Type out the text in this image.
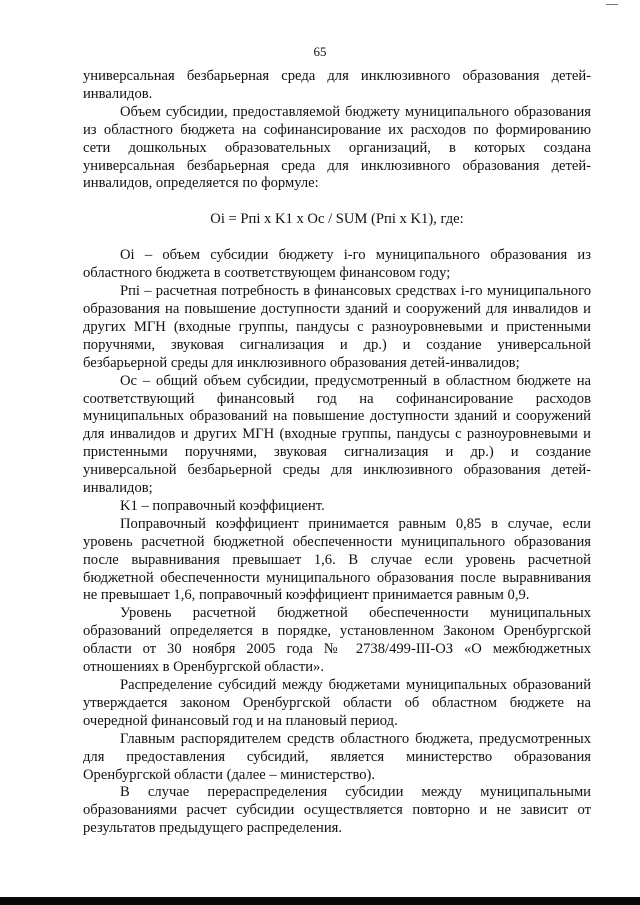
65

универсальная безбарьерная среда для инклюзивного образования детей-инвалидов.

Объем субсидии, предоставляемой бюджету муниципального образования из областного бюджета на софинансирование их расходов по формированию сети дошкольных образовательных организаций, в которых создана универсальная безбарьерная среда для инклюзивного образования детей-инвалидов, определяется по формуле:

Oi = Pпi x K1 x Oc / SUM (Pпi x K1), где:

Oi – объем субсидии бюджету i-го муниципального образования из областного бюджета в соответствующем финансовом году;

Pпi – расчетная потребность в финансовых средствах i-го муниципального образования на повышение доступности зданий и сооружений для инвалидов и других МГН (входные группы, пандусы с разноуровневыми и пристенными поручнями, звуковая сигнализация и др.) и создание универсальной безбарьерной среды для инклюзивного образования детей-инвалидов;

Oc – общий объем субсидии, предусмотренный в областном бюджете на соответствующий финансовый год на софинансирование расходов муниципальных образований на повышение доступности зданий и сооружений для инвалидов и других МГН (входные группы, пандусы с разноуровневыми и пристенными поручнями, звуковая сигнализация и др.) и создание универсальной безбарьерной среды для инклюзивного образования детей-инвалидов;

K1 – поправочный коэффициент.

Поправочный коэффициент принимается равным 0,85 в случае, если уровень расчетной бюджетной обеспеченности муниципального образования после выравнивания превышает 1,6. В случае если уровень расчетной бюджетной обеспеченности муниципального образования после выравнивания не превышает 1,6, поправочный коэффициент принимается равным 0,9.

Уровень расчетной бюджетной обеспеченности муниципальных образований определяется в порядке, установленном Законом Оренбургской области от 30 ноября 2005 года № 2738/499-III-ОЗ «О межбюджетных отношениях в Оренбургской области».

Распределение субсидий между бюджетами муниципальных образований утверждается законом Оренбургской области об областном бюджете на очередной финансовый год и на плановый период.

Главным распорядителем средств областного бюджета, предусмотренных для предоставления субсидий, является министерство образования Оренбургской области (далее – министерство).

В случае перераспределения субсидии между муниципальными образованиями расчет субсидии осуществляется повторно и не зависит от результатов предыдущего распределения.
